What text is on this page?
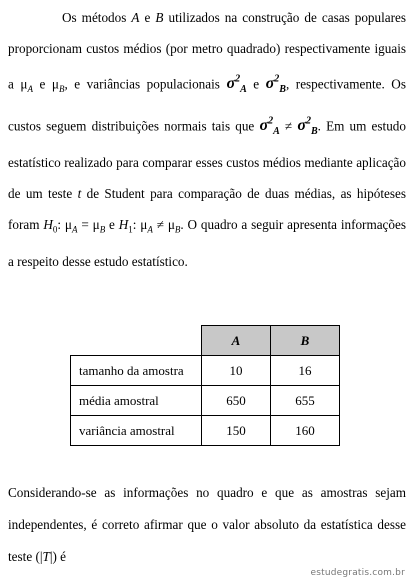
Os métodos A e B utilizados na construção de casas populares proporcionam custos médios (por metro quadrado) respectivamente iguais a $\mu_A$ e $\mu_B$, e variâncias populacionais $\sigma^2_A$ e $\sigma^2_B$, respectivamente. Os custos seguem distribuições normais tais que $\sigma^2_A \ne \sigma^2_B$. Em um estudo estatístico realizado para comparar esses custos médios mediante aplicação de um teste t de Student para comparação de duas médias, as hipóteses foram $H_0$: $\mu_A = \mu_B$ e $H_1$: $\mu_A \ne \mu_B$. O quadro a seguir apresenta informações a respeito desse estudo estatístico.
	A	B
tamanho da amostra	10	16
média amostral	650	655
variância amostral	150	160
Considerando-se as informações no quadro e que as amostras sejam independentes, é correto afirmar que o valor absoluto da estatística desse teste (|T|) é
estudegratis.com.br
